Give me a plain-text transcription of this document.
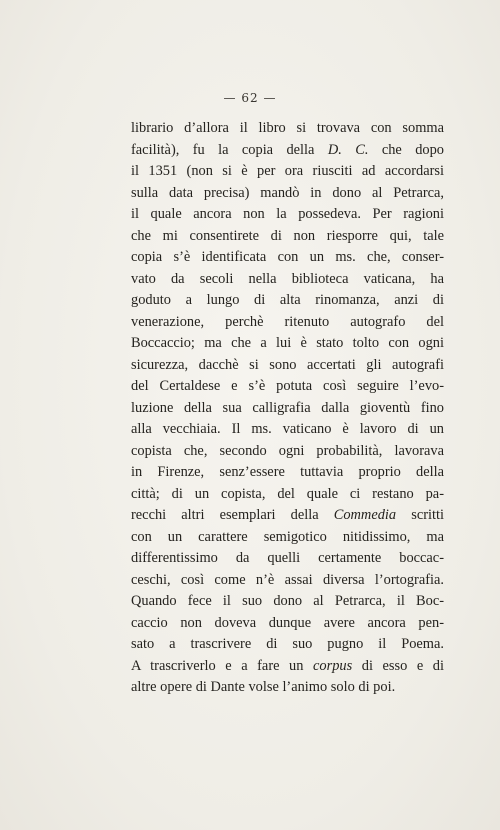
— 62 —
librario d’allora il libro si trovava con somma
facilità), fu la copia della D. C. che dopo
il 1351 (non si è per ora riusciti ad accordarsi
sulla data precisa) mandò in dono al Petrarca,
il quale ancora non la possedeva. Per ragioni
che mi consentirete di non riesporre qui, tale
copia s’è identificata con un ms. che, conser-
vato da secoli nella biblioteca vaticana, ha
goduto a lungo di alta rinomanza, anzi di
venerazione, perchè ritenuto autografo del
Boccaccio; ma che a lui è stato tolto con ogni
sicurezza, dacchè si sono accertati gli autografi
del Certaldese e s’è potuta così seguire l’evo-
luzione della sua calligrafia dalla gioventù fino
alla vecchiaia. Il ms. vaticano è lavoro di un
copista che, secondo ogni probabilità, lavorava
in Firenze, senz’essere tuttavia proprio della
città; di un copista, del quale ci restano pa-
recchi altri esemplari della Commedia scritti
con un carattere semigotico nitidissimo, ma
differentissimo da quelli certamente boccac-
ceschi, così come n’è assai diversa l’ortografia.
Quando fece il suo dono al Petrarca, il Boc-
caccio non doveva dunque avere ancora pen-
sato a trascrivere di suo pugno il Poema.
A trascriverlo e a fare un corpus di esso e di
altre opere di Dante volse l’animo solo di poi.
